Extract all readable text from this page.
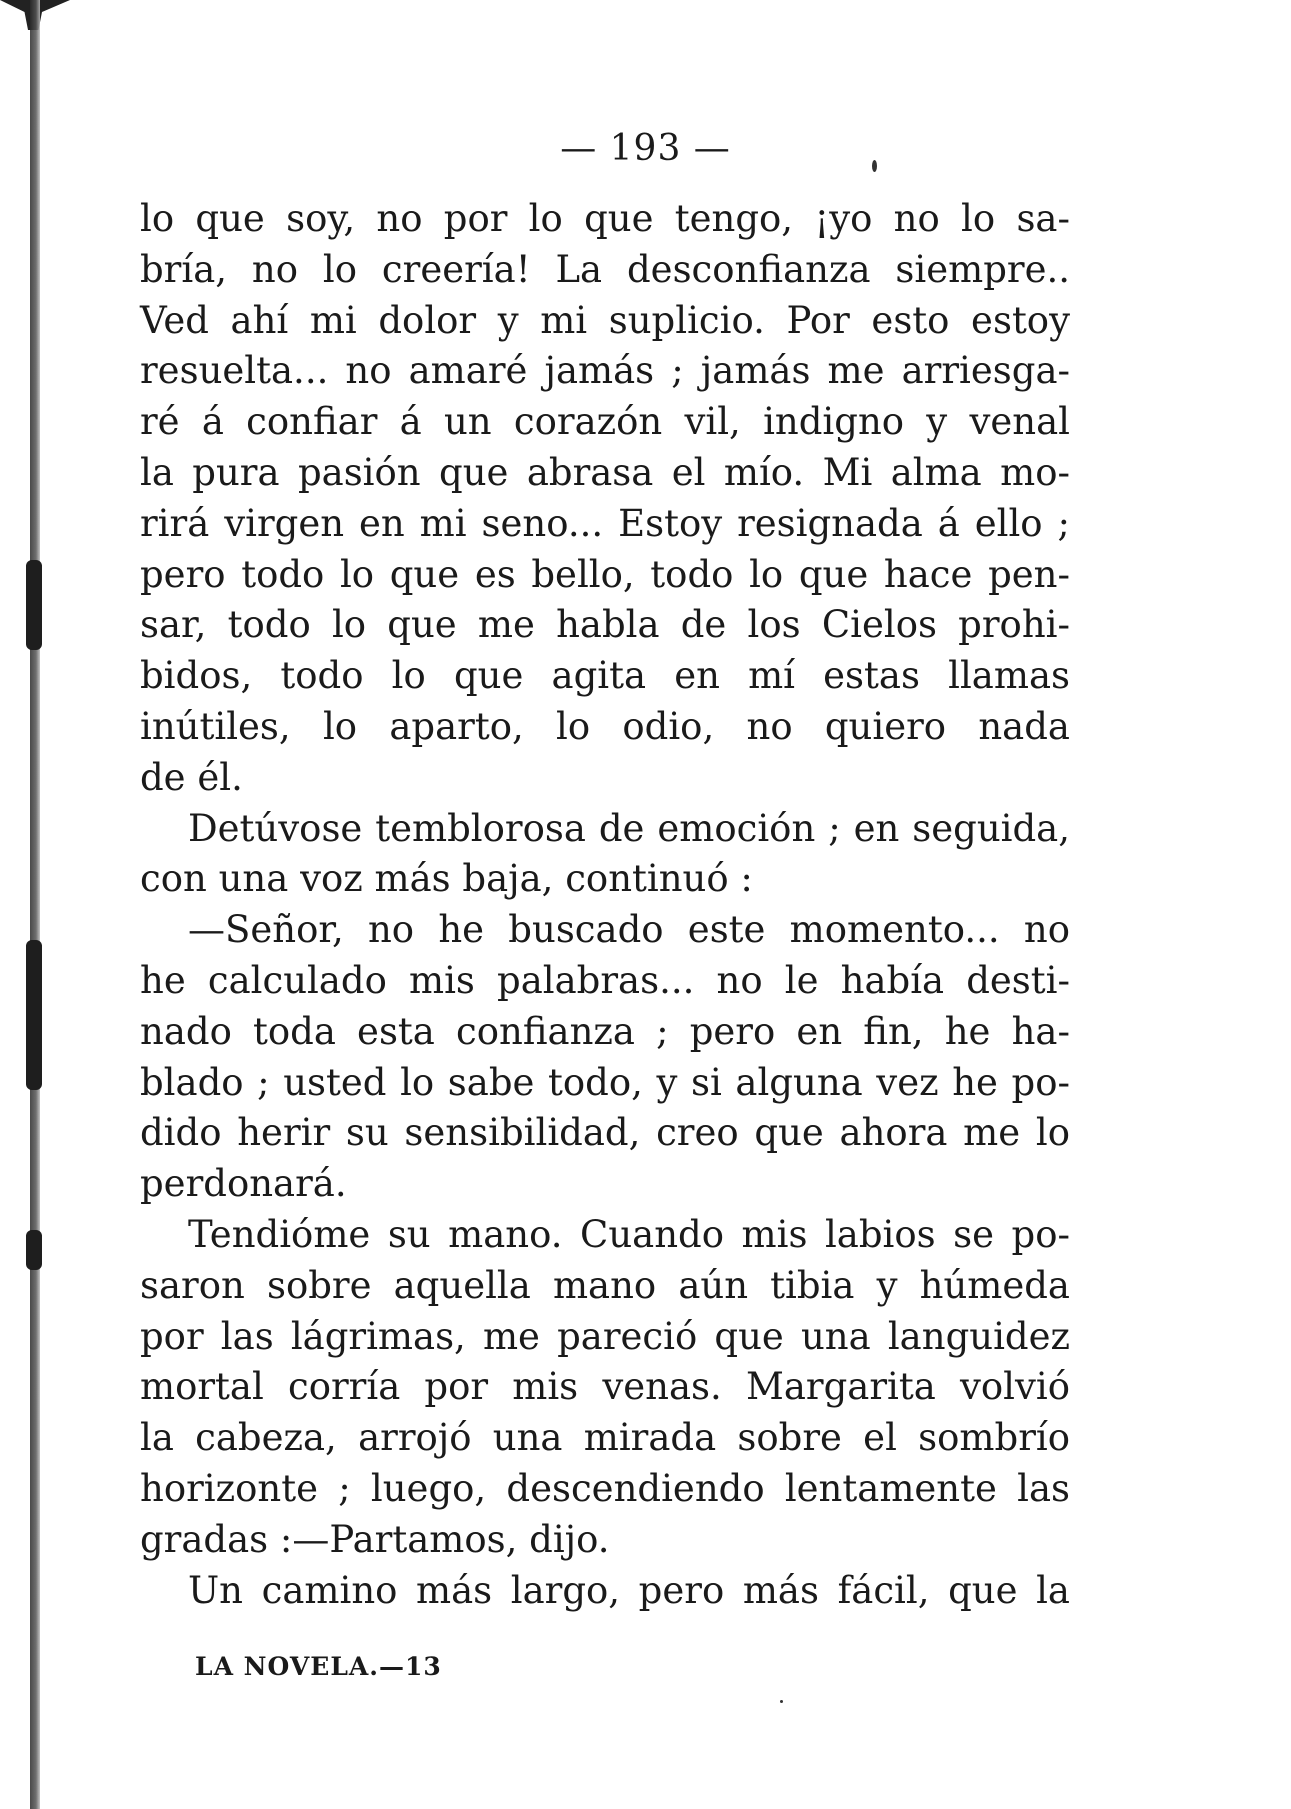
— 193 —
lo que soy, no por lo que tengo, ¡yo no lo sa-
bría, no lo creería! La desconfianza siempre..
Ved ahí mi dolor y mi suplicio. Por esto estoy
resuelta... no amaré jamás ; jamás me arriesga-
ré á confiar á un corazón vil, indigno y venal
la pura pasión que abrasa el mío. Mi alma mo-
rirá virgen en mi seno... Estoy resignada á ello ;
pero todo lo que es bello, todo lo que hace pen-
sar, todo lo que me habla de los Cielos prohi-
bidos, todo lo que agita en mí estas llamas
inútiles, lo aparto, lo odio, no quiero nada
de él.
Detúvose temblorosa de emoción ; en seguida,
con una voz más baja, continuó :
—Señor, no he buscado este momento... no
he calculado mis palabras... no le había desti-
nado toda esta confianza ; pero en fin, he ha-
blado ; usted lo sabe todo, y si alguna vez he po-
dido herir su sensibilidad, creo que ahora me lo
perdonará.
Tendióme su mano. Cuando mis labios se po-
saron sobre aquella mano aún tibia y húmeda
por las lágrimas, me pareció que una languidez
mortal corría por mis venas. Margarita volvió
la cabeza, arrojó una mirada sobre el sombrío
horizonte ; luego, descendiendo lentamente las
gradas :—Partamos, dijo.
Un camino más largo, pero más fácil, que la
LA NOVELA.—13
